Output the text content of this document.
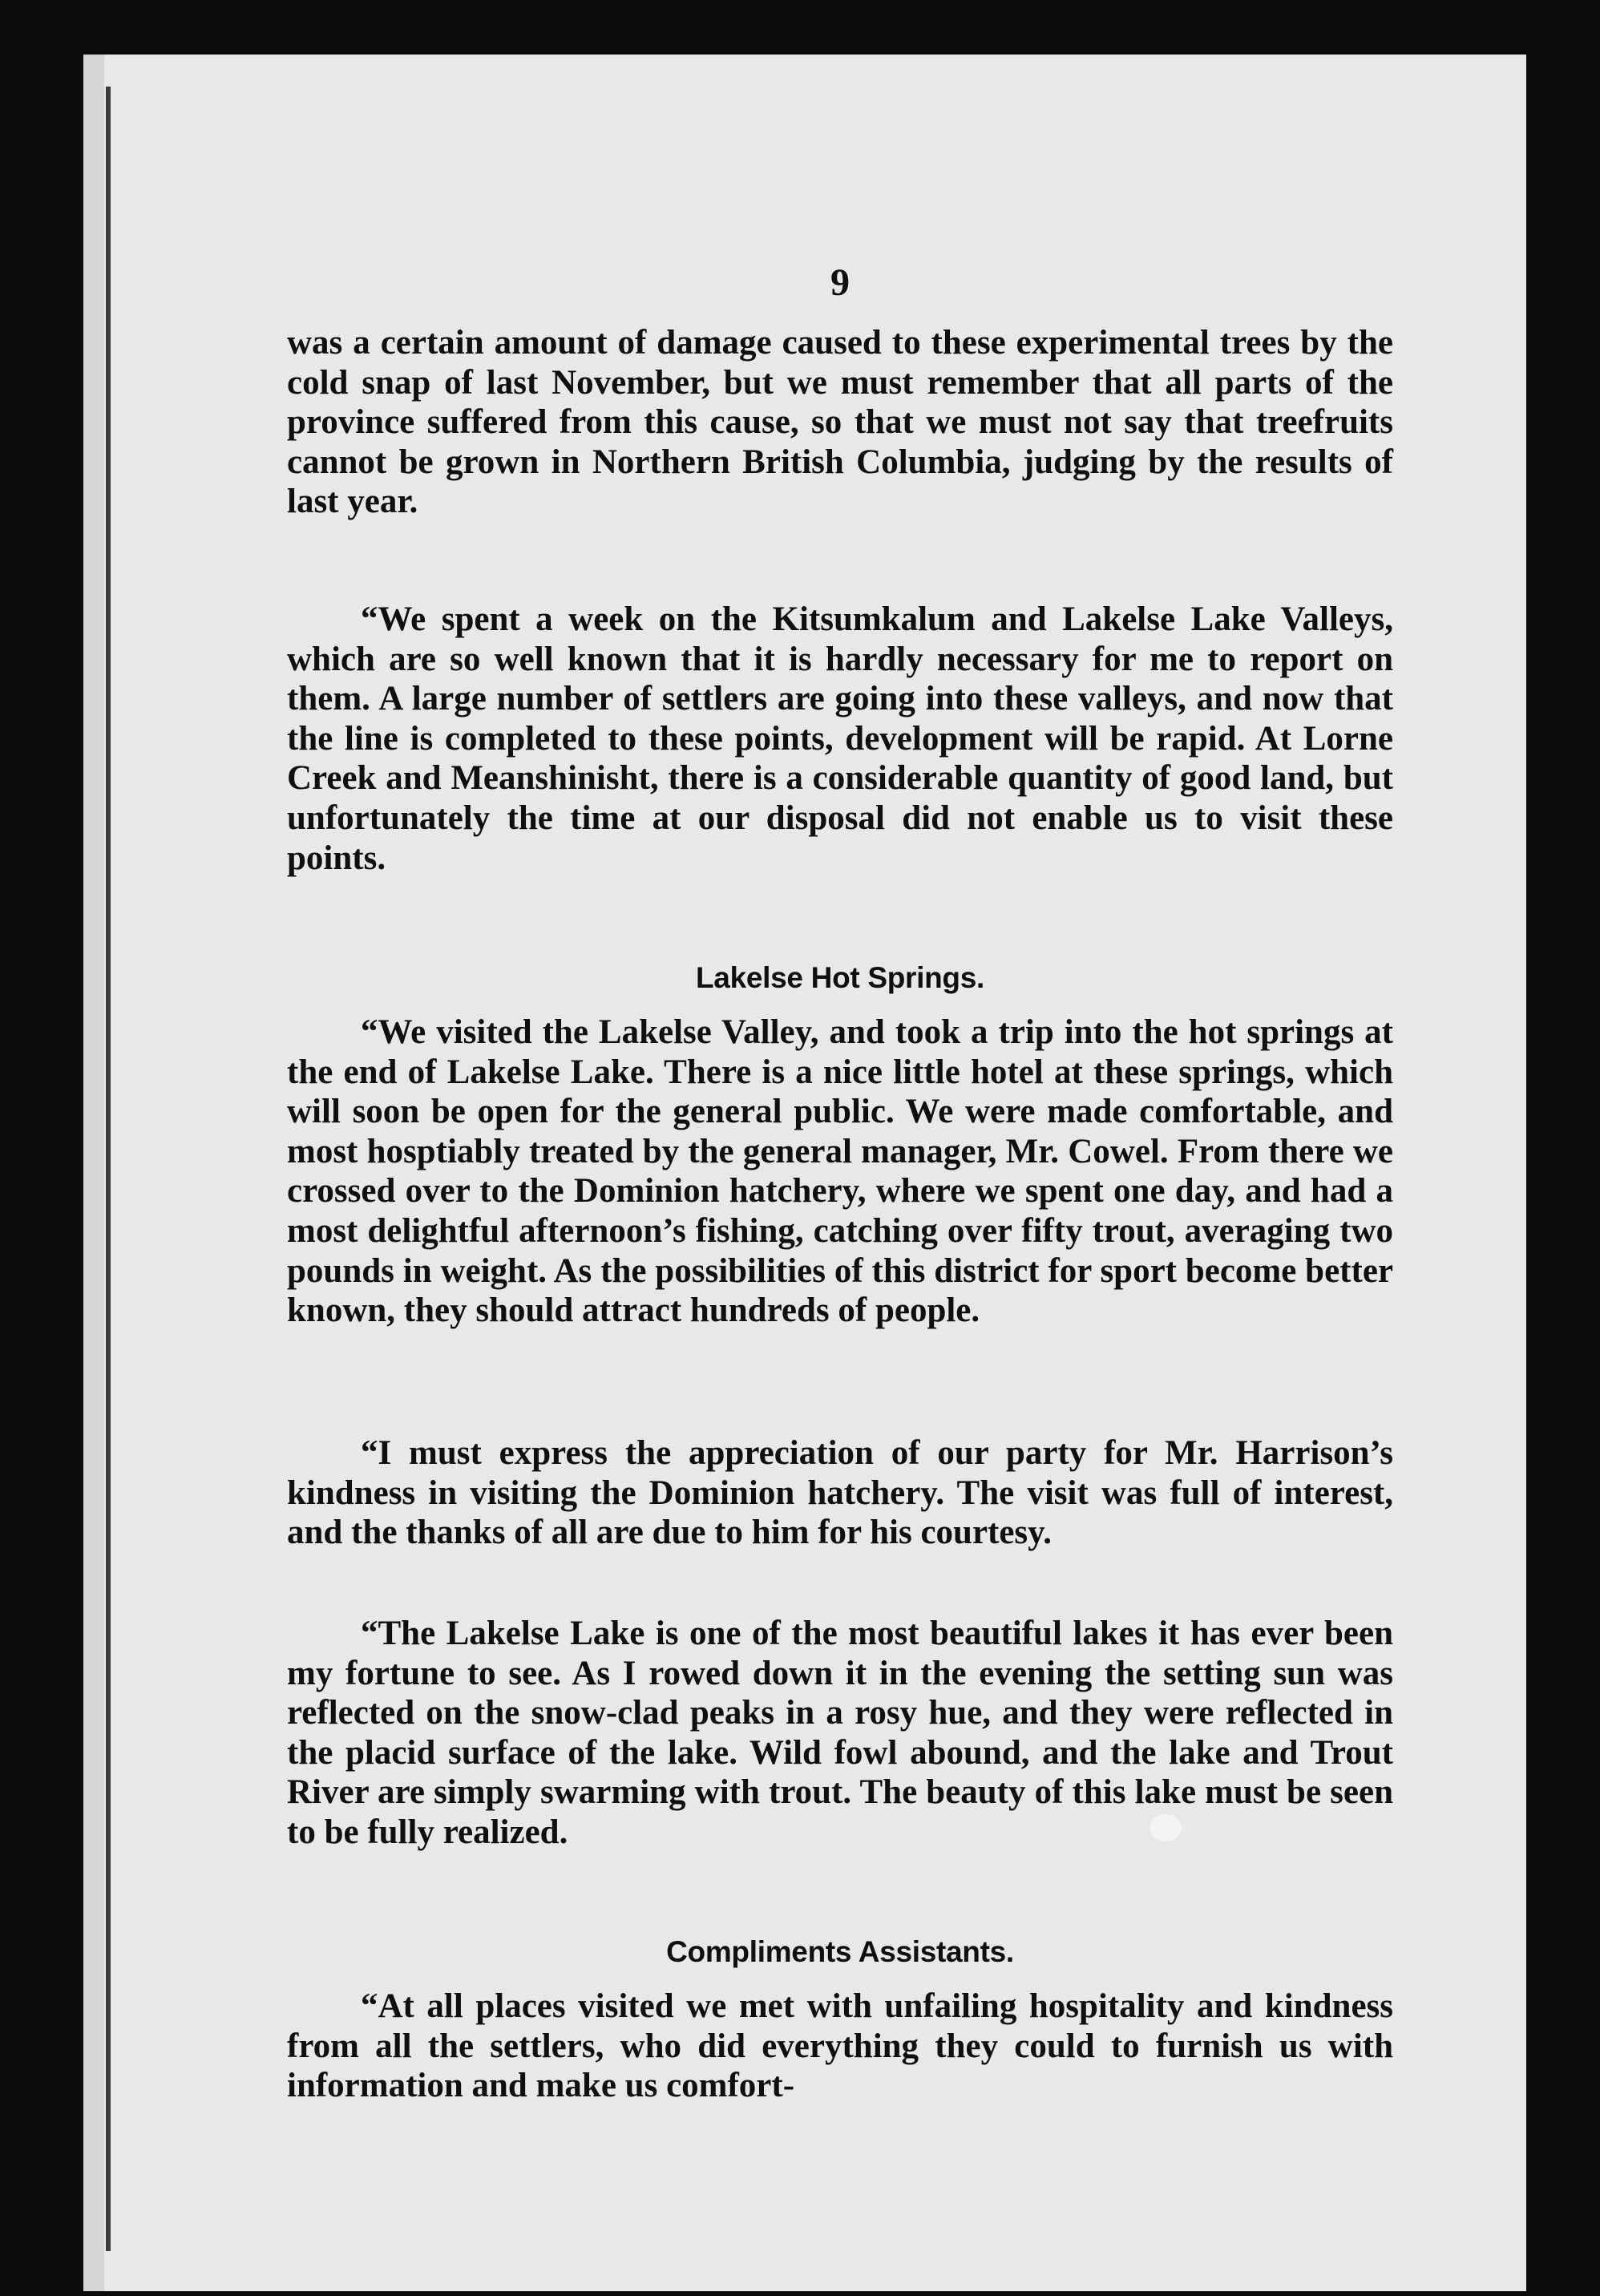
9

was a certain amount of damage caused to these experimental trees by the cold snap of last November, but we must remember that all parts of the province suffered from this cause, so that we must not say that treefruits cannot be grown in Northern British Columbia, judging by the results of last year.

“We spent a week on the Kitsumkalum and Lakelse Lake Valleys, which are so well known that it is hardly necessary for me to report on them. A large number of settlers are going into these valleys, and now that the line is completed to these points, development will be rapid. At Lorne Creek and Meanshinisht, there is a considerable quantity of good land, but unfortunately the time at our disposal did not enable us to visit these points.

Lakelse Hot Springs.

“We visited the Lakelse Valley, and took a trip into the hot springs at the end of Lakelse Lake. There is a nice little hotel at these springs, which will soon be open for the general public. We were made comfortable, and most hosptiably treated by the general manager, Mr. Cowel. From there we crossed over to the Dominion hatchery, where we spent one day, and had a most delightful afternoon’s fishing, catching over fifty trout, averaging two pounds in weight. As the possibilities of this district for sport become better known, they should attract hundreds of people.

“I must express the appreciation of our party for Mr. Harrison’s kindness in visiting the Dominion hatchery. The visit was full of interest, and the thanks of all are due to him for his courtesy.

“The Lakelse Lake is one of the most beautiful lakes it has ever been my fortune to see. As I rowed down it in the evening the setting sun was reflected on the snow-clad peaks in a rosy hue, and they were reflected in the placid surface of the lake. Wild fowl abound, and the lake and Trout River are simply swarming with trout. The beauty of this lake must be seen to be fully realized.

Compliments Assistants.

“At all places visited we met with unfailing hospitality and kindness from all the settlers, who did everything they could to furnish us with information and make us comfort-
